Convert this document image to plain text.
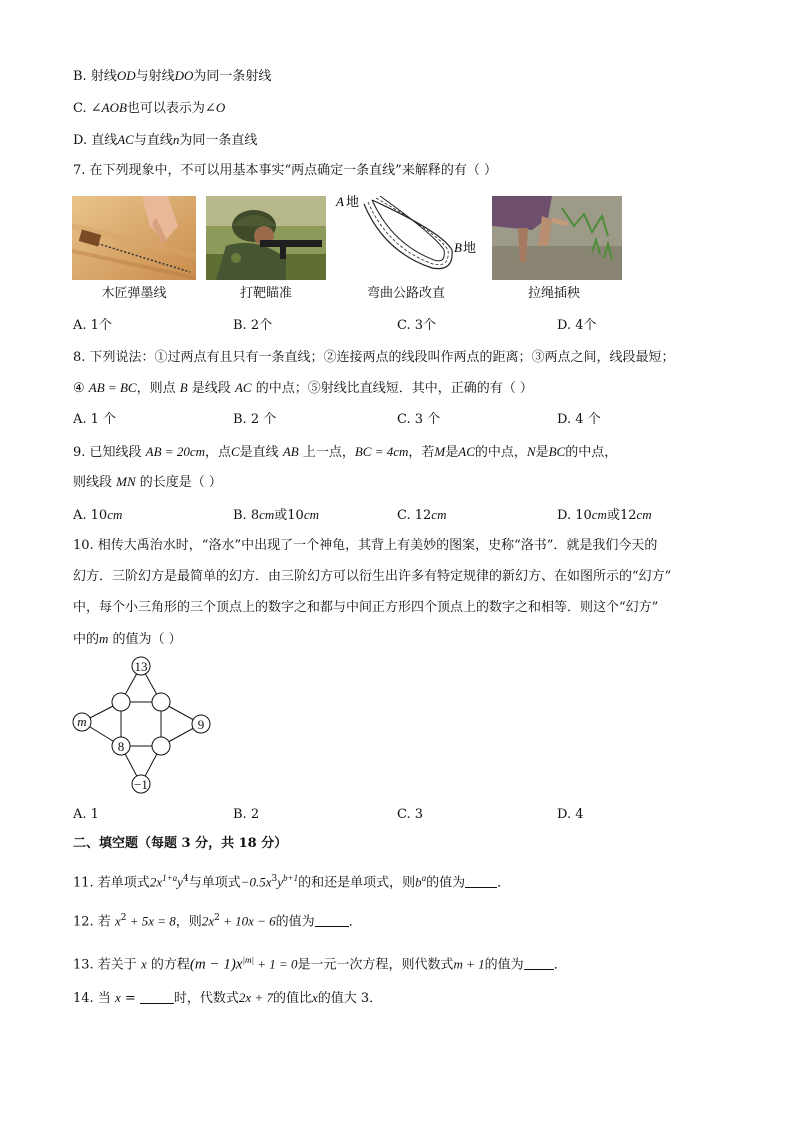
B. 射线OD与射线DO为同一条射线
C. ∠AOB也可以表示为∠O
D. 直线AC与直线n为同一条直线
7. 在下列现象中，不可以用基本事实“两点确定一条直线”来解释的有（ ）
木匠弹墨线	打靶瞄准
A 地
B 地
弯曲公路改直	拉绳插秧
A. 1个	B. 2个	C. 3个	D. 4个
8. 下列说法：①过两点有且只有一条直线；②连接两点的线段叫作两点的距离；③两点之间，线段最短；
④ AB = BC，则点 B 是线段 AC 的中点；⑤射线比直线短．其中，正确的有（ ）
A. 1 个	B. 2 个	C. 3 个	D. 4 个
9. 已知线段 AB = 20cm，点C是直线 AB 上一点，BC = 4cm，若M是AC的中点，N是BC的中点，
则线段 MN 的长度是（ ）
A. 10cm	B. 8cm或10cm	C. 12cm	D. 10cm或12cm
10. 相传大禹治水时，“洛水”中出现了一个神龟，其背上有美妙的图案，史称“洛书”．就是我们今天的
幻方．三阶幻方是最简单的幻方．由三阶幻方可以衍生出许多有特定规律的新幻方、在如图所示的“幻方”
中，每个小三角形的三个顶点上的数字之和都与中间正方形四个顶点上的数字之和相等．则这个“幻方”
中的m 的值为（ ）
13
m	9
8
−1
A. 1	B. 2	C. 3	D. 4
二、填空题（每题 3 分，共 18 分）
11. 若单项式$2x^{1+a}y^4$与单项式$-0.5x^3y^{b+1}$的和还是单项式，则$b^a$的值为 ．
12. 若 $x^2 + 5x = 8$，则$2x^2 + 10x - 6$的值为	．
13. 若关于 x 的方程$(m - 1)x^{|m|} + 1 = 0$是一元一次方程，则代数式m + 1的值为 ．
14. 当 x =	时，代数式2x + 7的值比x的值大 3．
